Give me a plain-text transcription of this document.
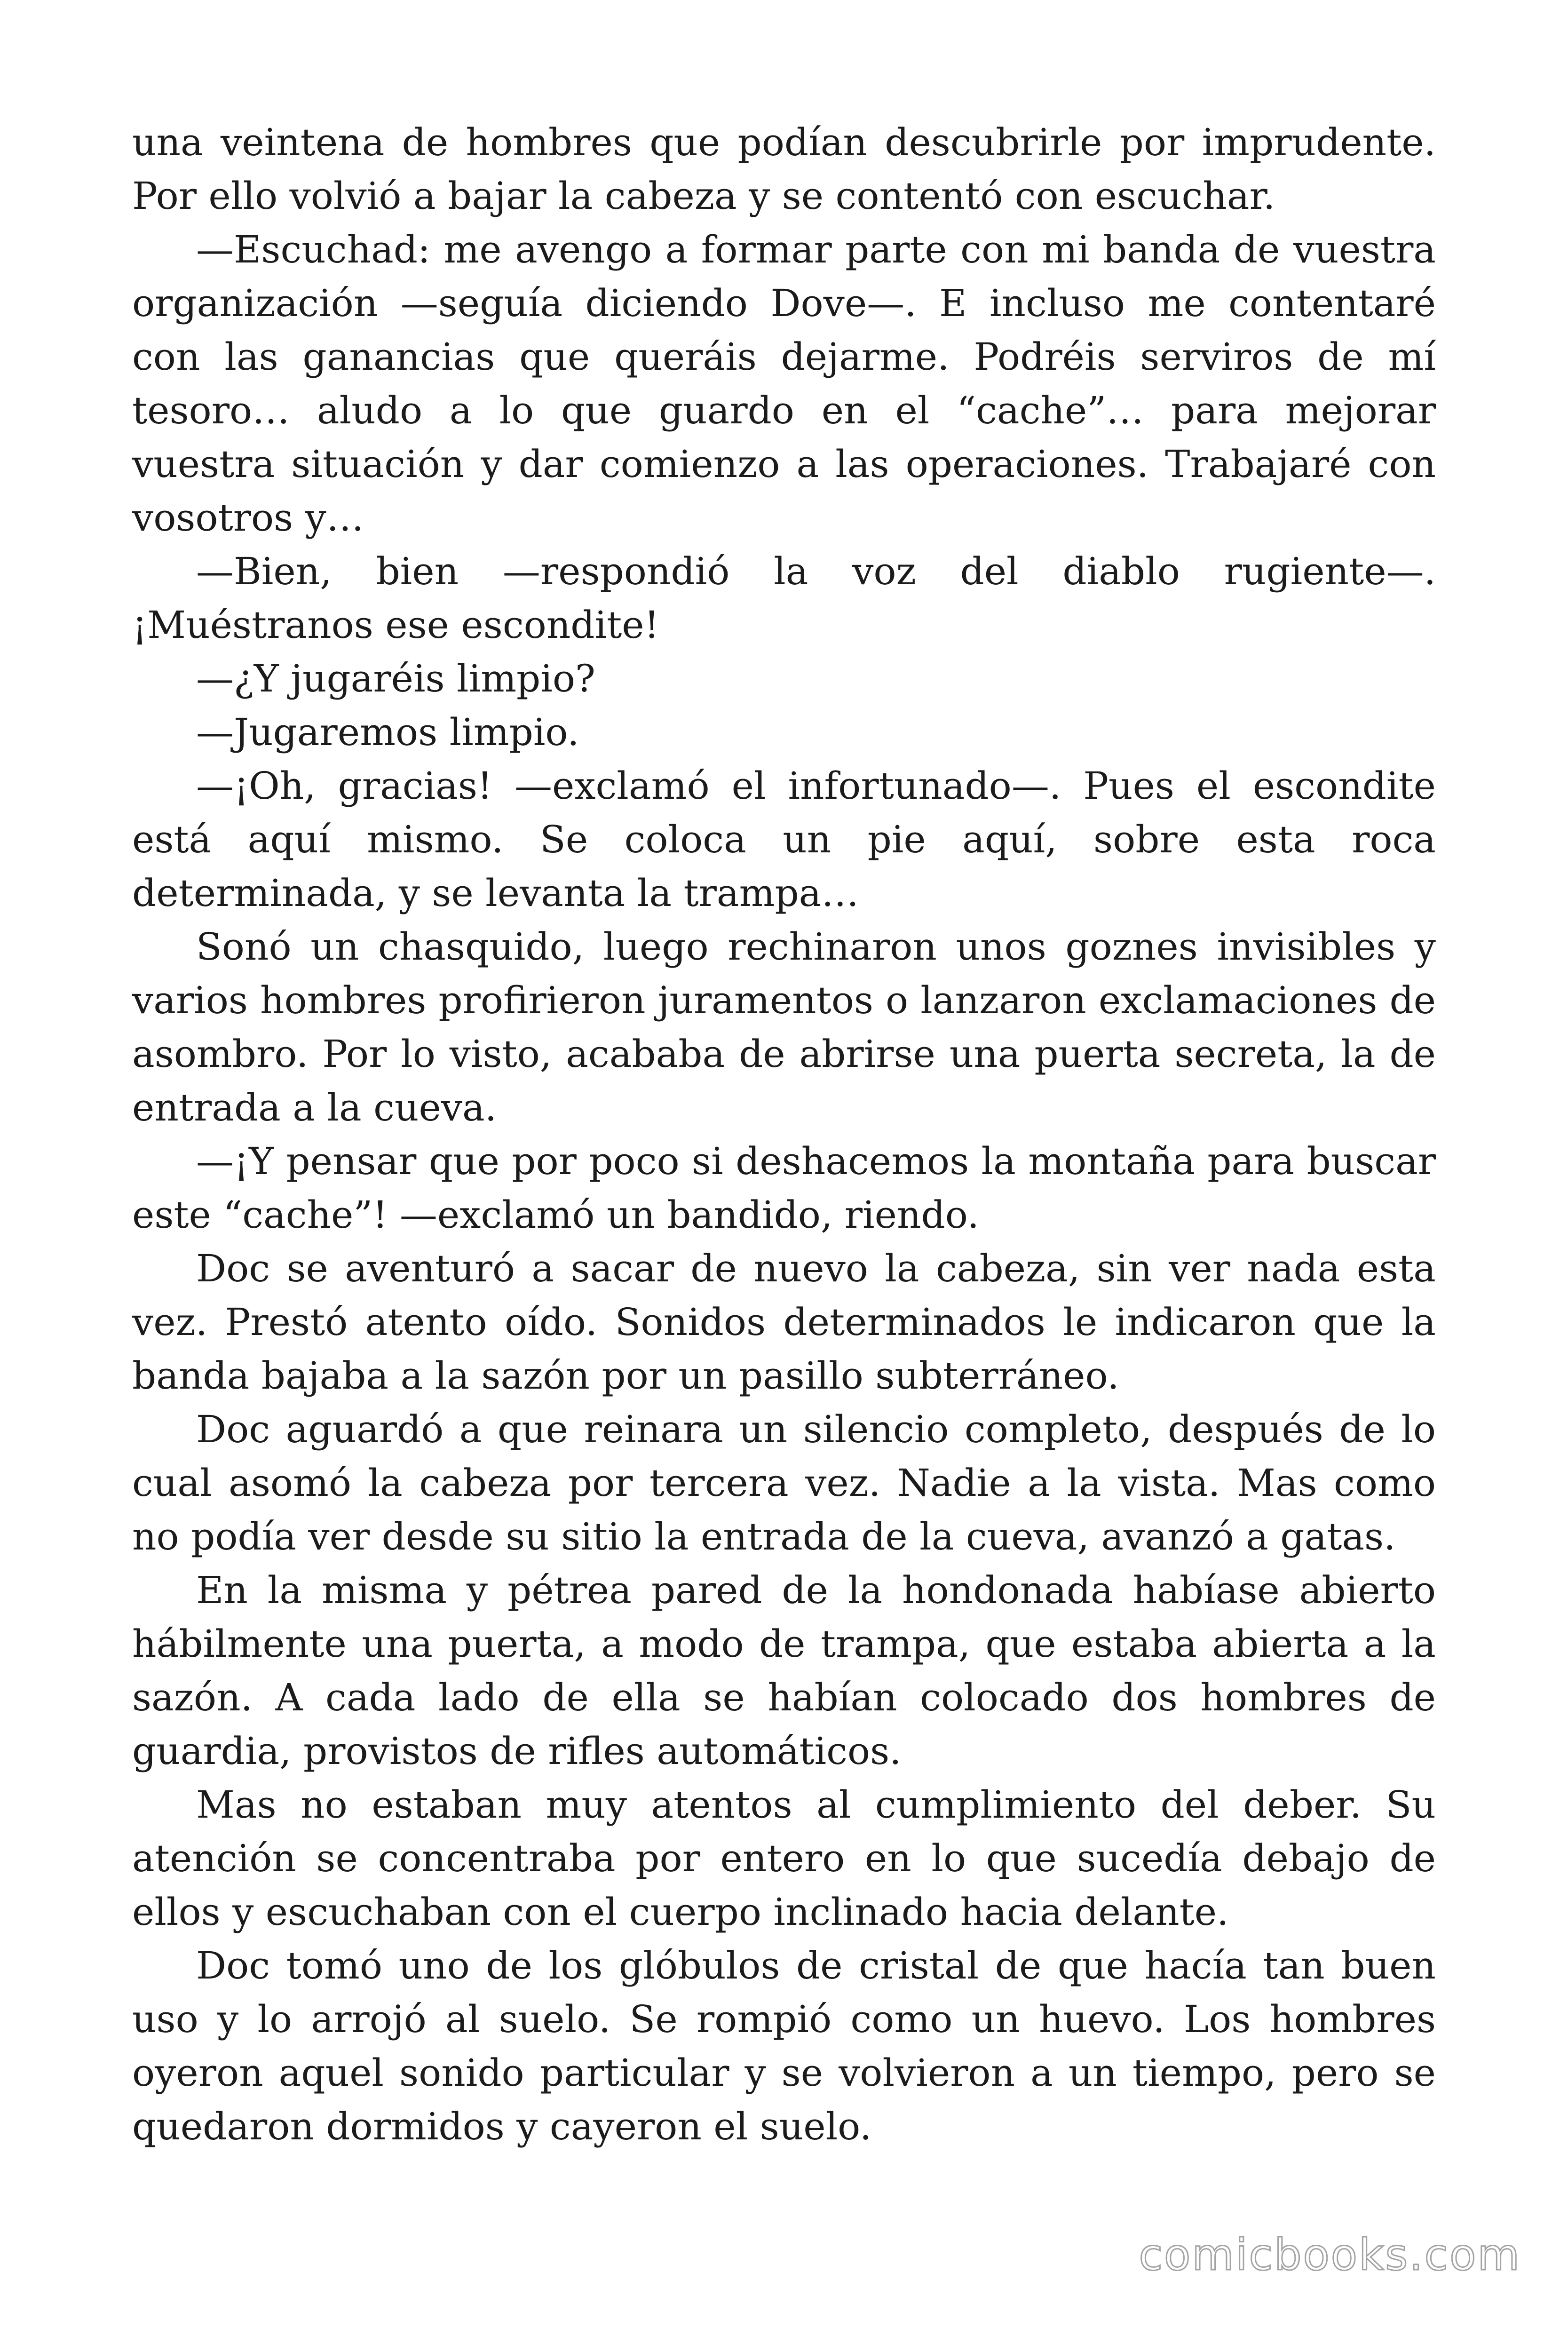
una veintena de hombres que podían descubrirle por imprudente. Por ello volvió a bajar la cabeza y se contentó con escuchar.

—Escuchad: me avengo a formar parte con mi banda de vuestra organización —seguía diciendo Dove—. E incluso me contentaré con las ganancias que queráis dejarme. Podréis serviros de mí tesoro… aludo a lo que guardo en el “cache”… para mejorar vuestra situación y dar comienzo a las operaciones. Trabajaré con vosotros y…

—Bien, bien —respondió la voz del diablo rugiente—. ¡Muéstranos ese escondite!

—¿Y jugaréis limpio?

—Jugaremos limpio.

—¡Oh, gracias! —exclamó el infortunado—. Pues el escondite está aquí mismo. Se coloca un pie aquí, sobre esta roca determinada, y se levanta la trampa…

Sonó un chasquido, luego rechinaron unos goznes invisibles y varios hombres profirieron juramentos o lanzaron exclamaciones de asombro. Por lo visto, acababa de abrirse una puerta secreta, la de entrada a la cueva.

—¡Y pensar que por poco si deshacemos la montaña para buscar este “cache”! —exclamó un bandido, riendo.

Doc se aventuró a sacar de nuevo la cabeza, sin ver nada esta vez. Prestó atento oído. Sonidos determinados le indicaron que la banda bajaba a la sazón por un pasillo subterráneo.

Doc aguardó a que reinara un silencio completo, después de lo cual asomó la cabeza por tercera vez. Nadie a la vista. Mas como no podía ver desde su sitio la entrada de la cueva, avanzó a gatas.

En la misma y pétrea pared de la hondonada habíase abierto hábilmente una puerta, a modo de trampa, que estaba abierta a la sazón. A cada lado de ella se habían colocado dos hombres de guardia, provistos de rifles automáticos.

Mas no estaban muy atentos al cumplimiento del deber. Su atención se concentraba por entero en lo que sucedía debajo de ellos y escuchaban con el cuerpo inclinado hacia delante.

Doc tomó uno de los glóbulos de cristal de que hacía tan buen uso y lo arrojó al suelo. Se rompió como un huevo. Los hombres oyeron aquel sonido particular y se volvieron a un tiempo, pero se quedaron dormidos y cayeron el suelo.

comicbooks.com
